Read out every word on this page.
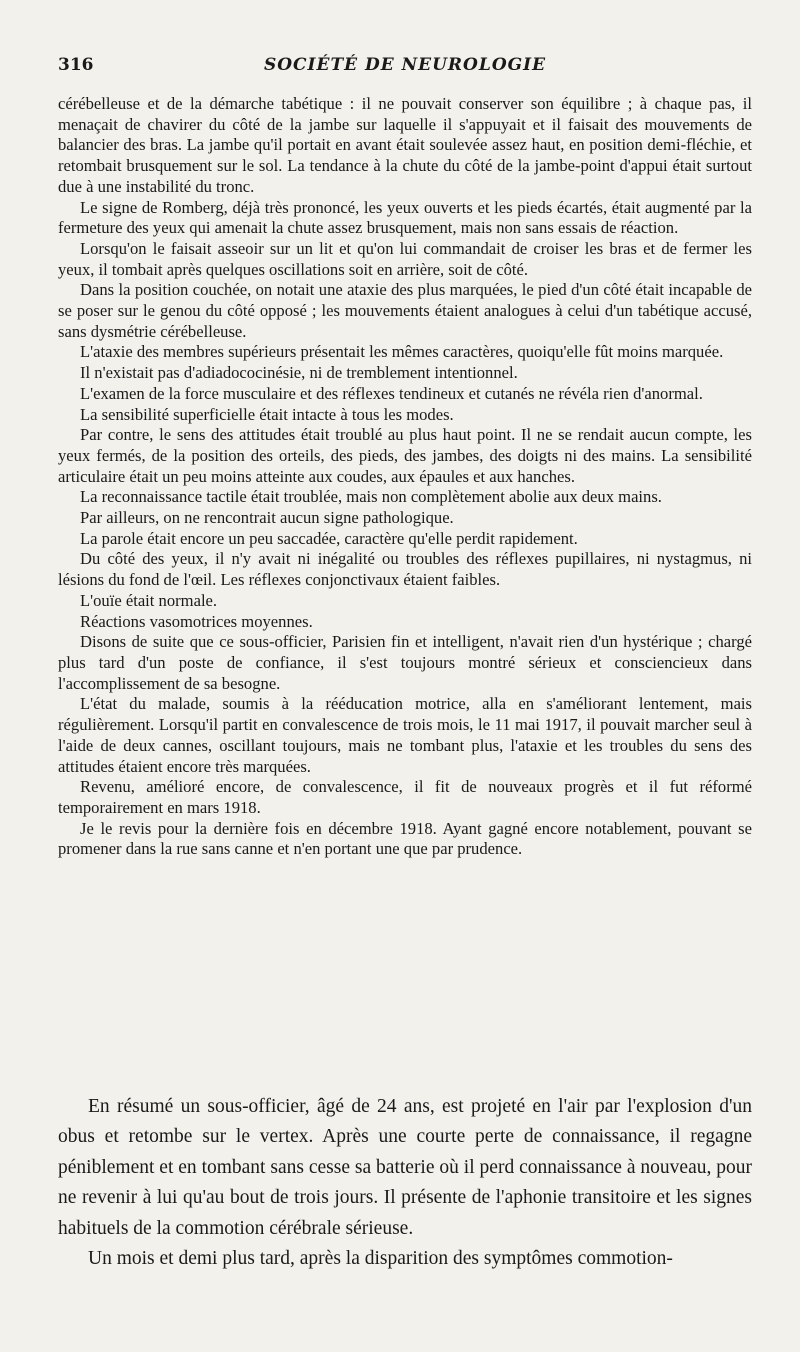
316	SOCIÉTÉ DE NEUROLOGIE

cérébelleuse et de la démarche tabétique : il ne pouvait conserver son équilibre ; à chaque pas, il menaçait de chavirer du côté de la jambe sur laquelle il s'appuyait et il faisait des mouvements de balancier des bras. La jambe qu'il portait en avant était soulevée assez haut, en position demi-fléchie, et retombait brusquement sur le sol. La tendance à la chute du côté de la jambe-point d'appui était surtout due à une instabilité du tronc.

Le signe de Romberg, déjà très prononcé, les yeux ouverts et les pieds écartés, était augmenté par la fermeture des yeux qui amenait la chute assez brusquement, mais non sans essais de réaction.

Lorsqu'on le faisait asseoir sur un lit et qu'on lui commandait de croiser les bras et de fermer les yeux, il tombait après quelques oscillations soit en arrière, soit de côté.

Dans la position couchée, on notait une ataxie des plus marquées, le pied d'un côté était incapable de se poser sur le genou du côté opposé ; les mouvements étaient analogues à celui d'un tabétique accusé, sans dysmétrie cérébelleuse.

L'ataxie des membres supérieurs présentait les mêmes caractères, quoiqu'elle fût moins marquée.

Il n'existait pas d'adiadococinésie, ni de tremblement intentionnel.

L'examen de la force musculaire et des réflexes tendineux et cutanés ne révéla rien d'anormal.

La sensibilité superficielle était intacte à tous les modes.

Par contre, le sens des attitudes était troublé au plus haut point. Il ne se rendait aucun compte, les yeux fermés, de la position des orteils, des pieds, des jambes, des doigts ni des mains. La sensibilité articulaire était un peu moins atteinte aux coudes, aux épaules et aux hanches.

La reconnaissance tactile était troublée, mais non complètement abolie aux deux mains.

Par ailleurs, on ne rencontrait aucun signe pathologique.

La parole était encore un peu saccadée, caractère qu'elle perdit rapidement.

Du côté des yeux, il n'y avait ni inégalité ou troubles des réflexes pupillaires, ni nystagmus, ni lésions du fond de l'œil. Les réflexes conjonctivaux étaient faibles.

L'ouïe était normale.

Réactions vasomotrices moyennes.

Disons de suite que ce sous-officier, Parisien fin et intelligent, n'avait rien d'un hystérique ; chargé plus tard d'un poste de confiance, il s'est toujours montré sérieux et consciencieux dans l'accomplissement de sa besogne.

L'état du malade, soumis à la rééducation motrice, alla en s'améliorant lentement, mais régulièrement. Lorsqu'il partit en convalescence de trois mois, le 11 mai 1917, il pouvait marcher seul à l'aide de deux cannes, oscillant toujours, mais ne tombant plus, l'ataxie et les troubles du sens des attitudes étaient encore très marquées.

Revenu, amélioré encore, de convalescence, il fit de nouveaux progrès et il fut réformé temporairement en mars 1918.

Je le revis pour la dernière fois en décembre 1918. Ayant gagné encore notablement, pouvant se promener dans la rue sans canne et n'en portant une que par prudence.

En résumé un sous-officier, âgé de 24 ans, est projeté en l'air par l'explosion d'un obus et retombe sur le vertex. Après une courte perte de connaissance, il regagne péniblement et en tombant sans cesse sa batterie où il perd connaissance à nouveau, pour ne revenir à lui qu'au bout de trois jours. Il présente de l'aphonie transitoire et les signes habituels de la commotion cérébrale sérieuse.

Un mois et demi plus tard, après la disparition des symptômes commotion-
